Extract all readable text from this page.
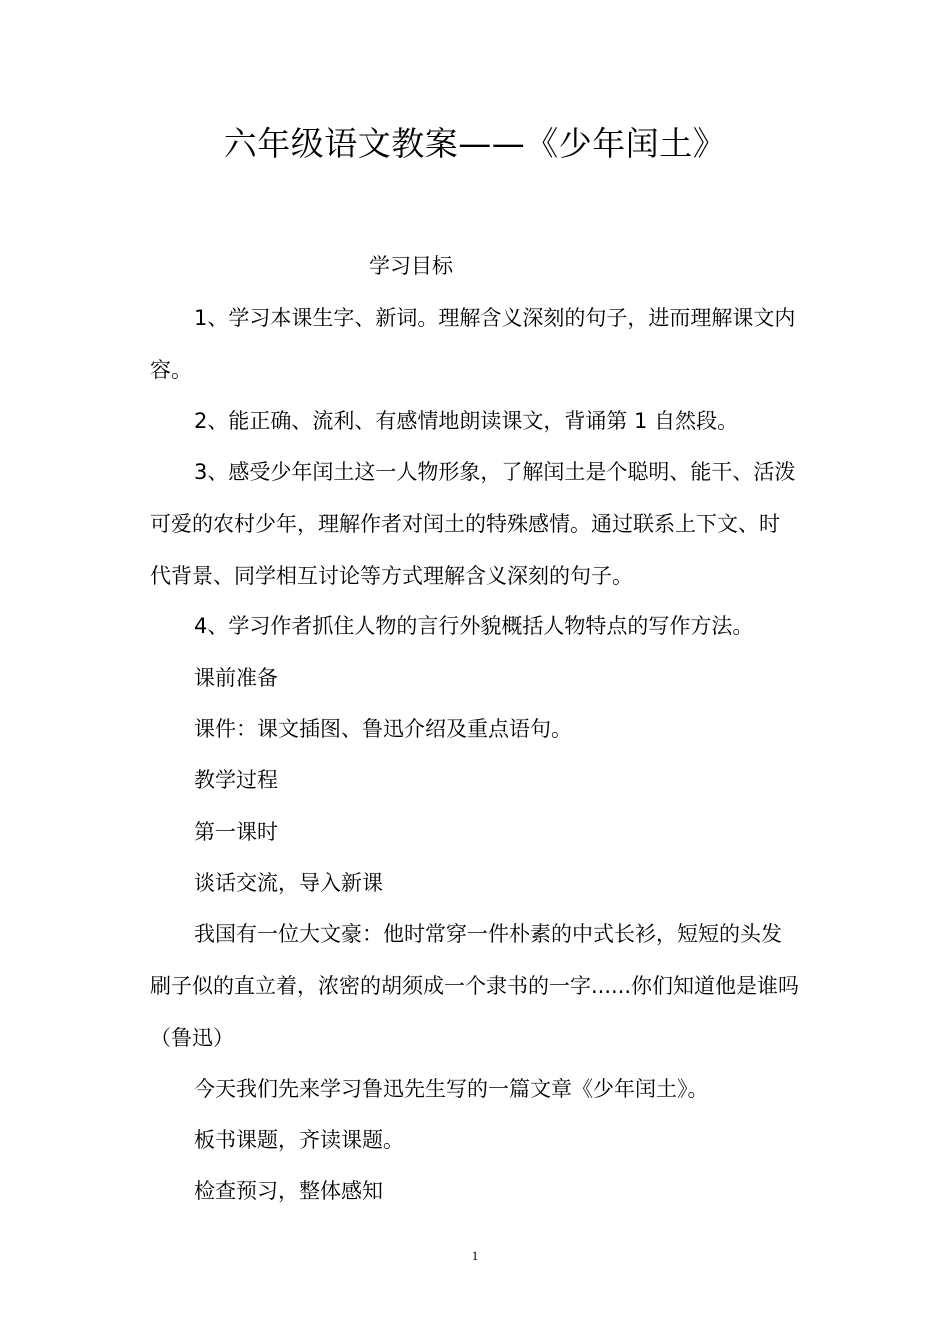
六年级语文教案——《少年闰土》
学习目标

1、学习本课生字、新词。理解含义深刻的句子，进而理解课文内容。

2、能正确、流利、有感情地朗读课文，背诵第 1 自然段。

3、感受少年闰土这一人物形象，了解闰土是个聪明、能干、活泼可爱的农村少年，理解作者对闰土的特殊感情。通过联系上下文、时代背景、同学相互讨论等方式理解含义深刻的句子。

4、学习作者抓住人物的言行外貌概括人物特点的写作方法。

课前准备

课件：课文插图、鲁迅介绍及重点语句。

教学过程

第一课时

谈话交流，导入新课

我国有一位大文豪：他时常穿一件朴素的中式长衫，短短的头发刷子似的直立着，浓密的胡须成一个隶书的一字......你们知道他是谁吗（鲁迅）

今天我们先来学习鲁迅先生写的一篇文章《少年闰土》。

板书课题，齐读课题。

检查预习，整体感知

1
